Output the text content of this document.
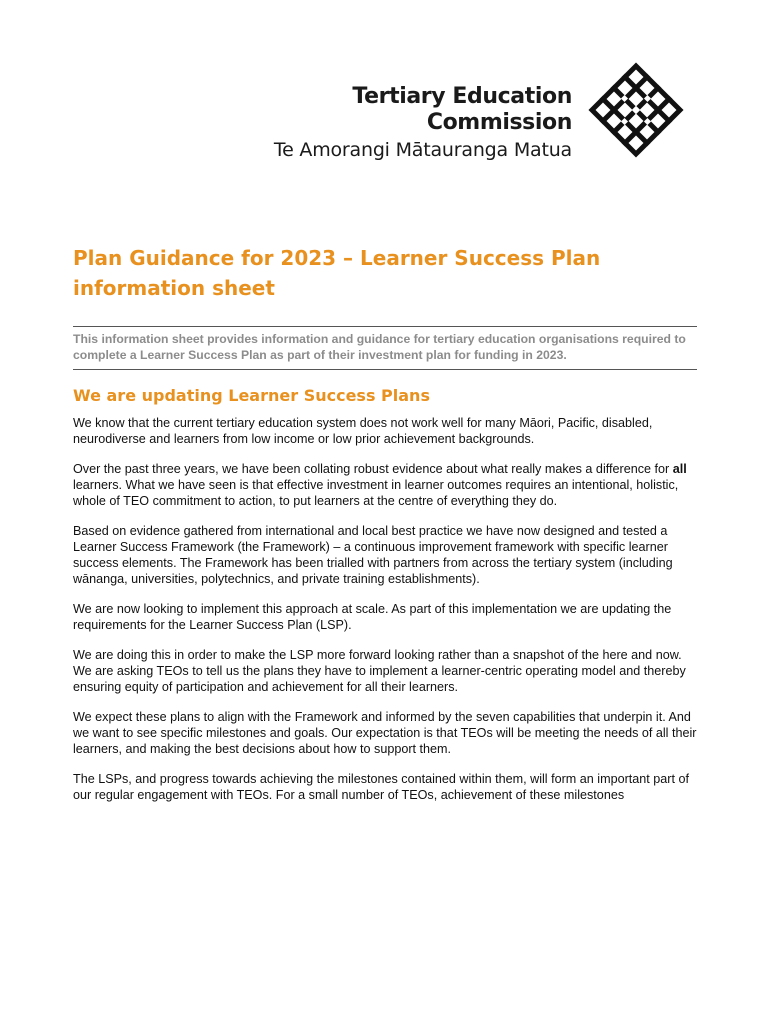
Tertiary Education
Commission
Te Amorangi Mātauranga Matua
Plan Guidance for 2023 – Learner Success Plan
information sheet

This information sheet provides information and guidance for tertiary education organisations required to complete a Learner Success Plan as part of their investment plan for funding in 2023.

We are updating Learner Success Plans

We know that the current tertiary education system does not work well for many Māori, Pacific, disabled, neurodiverse and learners from low income or low prior achievement backgrounds.

Over the past three years, we have been collating robust evidence about what really makes a difference for all learners. What we have seen is that effective investment in learner outcomes requires an intentional, holistic, whole of TEO commitment to action, to put learners at the centre of everything they do.

Based on evidence gathered from international and local best practice we have now designed and tested a Learner Success Framework (the Framework) – a continuous improvement framework with specific learner success elements. The Framework has been trialled with partners from across the tertiary system (including wānanga, universities, polytechnics, and private training establishments).

We are now looking to implement this approach at scale. As part of this implementation we are updating the requirements for the Learner Success Plan (LSP).

We are doing this in order to make the LSP more forward looking rather than a snapshot of the here and now. We are asking TEOs to tell us the plans they have to implement a learner-centric operating model and thereby ensuring equity of participation and achievement for all their learners.

We expect these plans to align with the Framework and informed by the seven capabilities that underpin it. And we want to see specific milestones and goals. Our expectation is that TEOs will be meeting the needs of all their learners, and making the best decisions about how to support them.

The LSPs, and progress towards achieving the milestones contained within them, will form an important part of our regular engagement with TEOs. For a small number of TEOs, achievement of these milestones
